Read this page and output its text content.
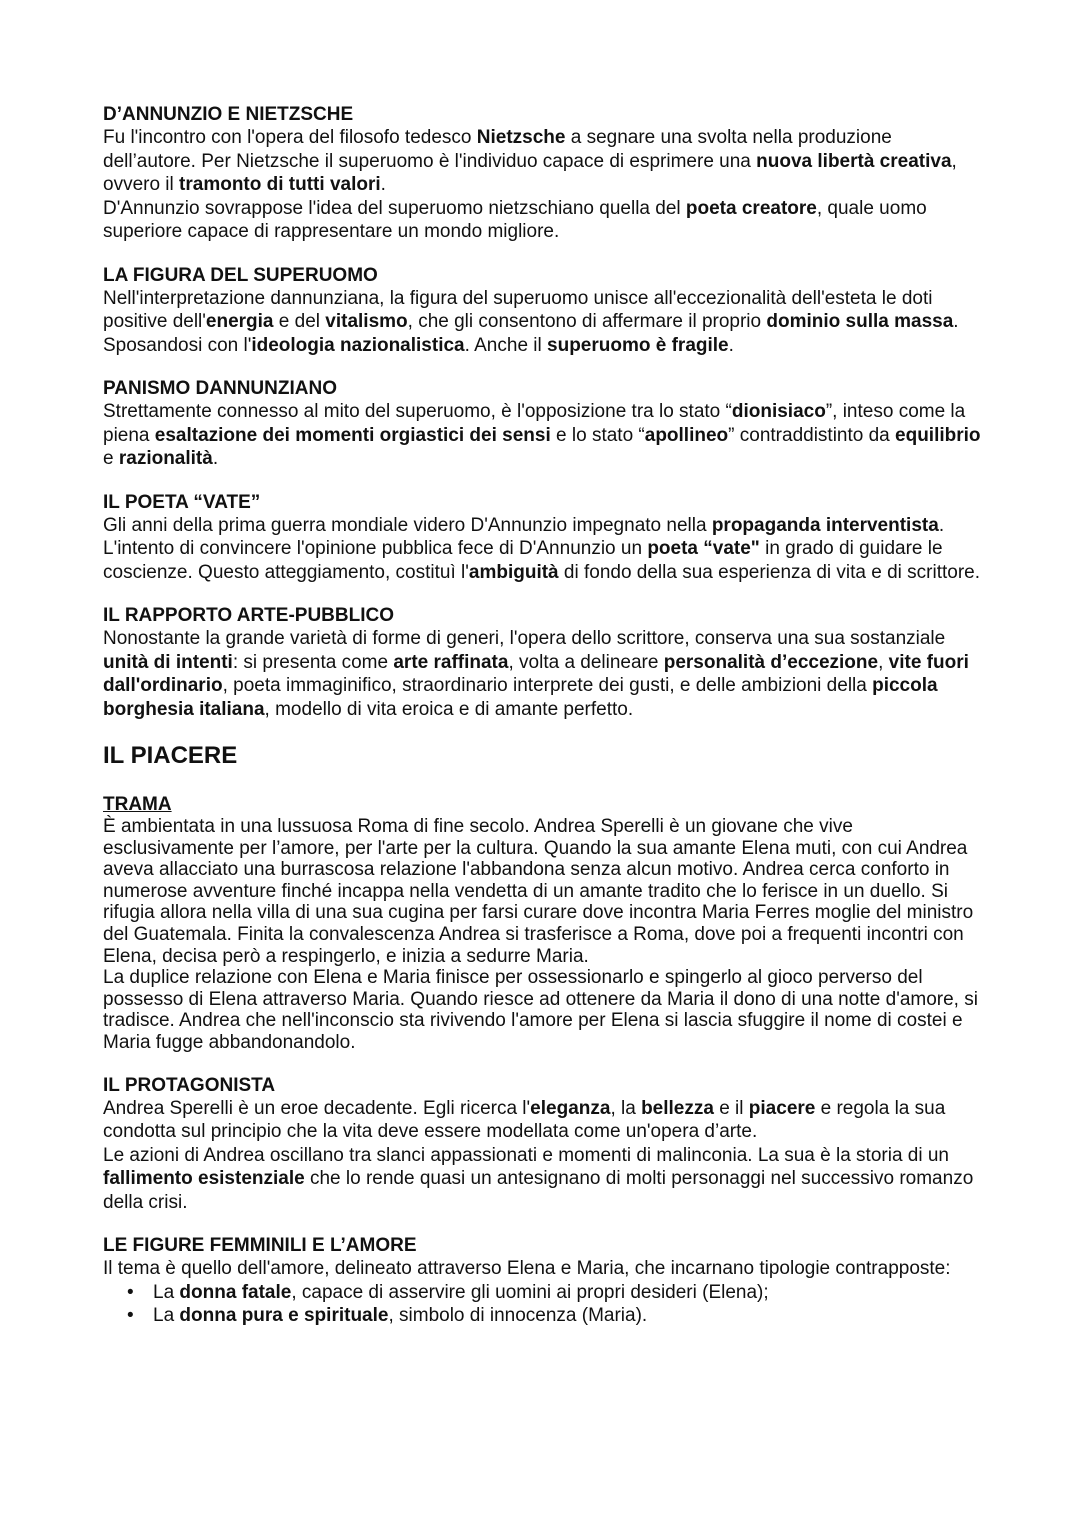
D’ANNUNZIO E NIETZSCHE

Fu l'incontro con l'opera del filosofo tedesco Nietzsche a segnare una svolta nella produzione dell’autore. Per Nietzsche il superuomo è l'individuo capace di esprimere una nuova libertà creativa, ovvero il tramonto di tutti valori.

D'Annunzio sovrappose l'idea del superuomo nietzschiano quella del poeta creatore, quale uomo superiore capace di rappresentare un mondo migliore.

LA FIGURA DEL SUPERUOMO

Nell'interpretazione dannunziana, la figura del superuomo unisce all'eccezionalità dell'esteta le doti positive dell'energia e del vitalismo, che gli consentono di affermare il proprio dominio sulla massa. Sposandosi con l'ideologia nazionalistica. Anche il superuomo è fragile.

PANISMO DANNUNZIANO

Strettamente connesso al mito del superuomo, è l'opposizione tra lo stato “dionisiaco”, inteso come la piena esaltazione dei momenti orgiastici dei sensi e lo stato “apollineo” contraddistinto da equilibrio e razionalità.

IL POETA “VATE”

Gli anni della prima guerra mondiale videro D'Annunzio impegnato nella propaganda interventista.

L'intento di convincere l'opinione pubblica fece di D'Annunzio un poeta “vate" in grado di guidare le coscienze. Questo atteggiamento, costituì l'ambiguità di fondo della sua esperienza di vita e di scrittore.

IL RAPPORTO ARTE-PUBBLICO

Nonostante la grande varietà di forme di generi, l'opera dello scrittore, conserva una sua sostanziale unità di intenti: si presenta come arte raffinata, volta a delineare personalità d’eccezione, vite fuori dall'ordinario, poeta immaginifico, straordinario interprete dei gusti, e delle ambizioni della piccola borghesia italiana, modello di vita eroica e di amante perfetto.

IL PIACERE
TRAMA

È ambientata in una lussuosa Roma di fine secolo. Andrea Sperelli è un giovane che vive esclusivamente per l’amore, per l'arte per la cultura. Quando la sua amante Elena muti, con cui Andrea aveva allacciato una burrascosa relazione l'abbandona senza alcun motivo. Andrea cerca conforto in numerose avventure finché incappa nella vendetta di un amante tradito che lo ferisce in un duello. Si rifugia allora nella villa di una sua cugina per farsi curare dove incontra Maria Ferres moglie del ministro del Guatemala. Finita la convalescenza Andrea si trasferisce a Roma, dove poi a frequenti incontri con Elena, decisa però a respingerlo, e inizia a sedurre Maria.

La duplice relazione con Elena e Maria finisce per ossessionarlo e spingerlo al gioco perverso del possesso di Elena attraverso Maria. Quando riesce ad ottenere da Maria il dono di una notte d'amore, si tradisce. Andrea che nell'inconscio sta rivivendo l'amore per Elena si lascia sfuggire il nome di costei e Maria fugge abbandonandolo.

IL PROTAGONISTA

Andrea Sperelli è un eroe decadente. Egli ricerca l'eleganza, la bellezza e il piacere e regola la sua condotta sul principio che la vita deve essere modellata come un'opera d’arte.

Le azioni di Andrea oscillano tra slanci appassionati e momenti di malinconia. La sua è la storia di un fallimento esistenziale che lo rende quasi un antesignano di molti personaggi nel successivo romanzo della crisi.

LE FIGURE FEMMINILI E L’AMORE

Il tema è quello dell'amore, delineato attraverso Elena e Maria, che incarnano tipologie contrapposte:

• La donna fatale, capace di asservire gli uomini ai propri desideri (Elena);
• La donna pura e spirituale, simbolo di innocenza (Maria).
